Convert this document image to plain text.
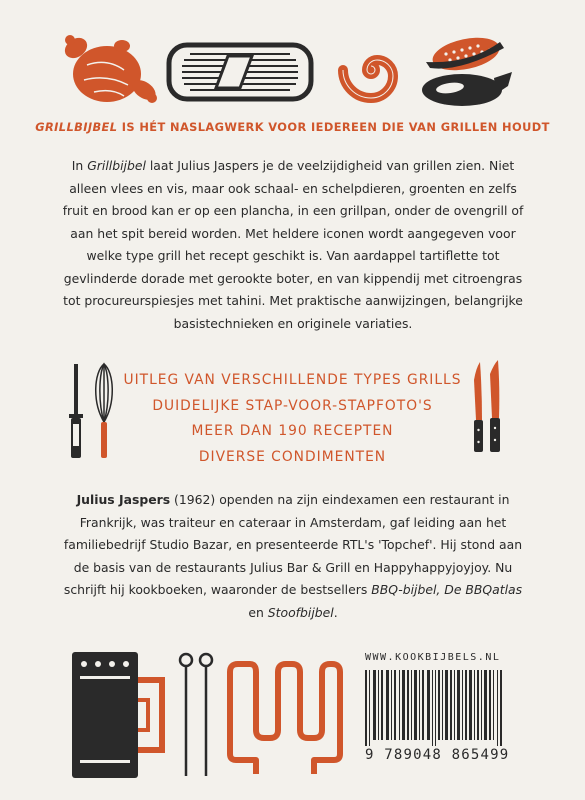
GRILLBIJBEL IS HÉT NASLAGWERK VOOR IEDEREEN DIE VAN GRILLEN HOUDT
In Grillbijbel laat Julius Jaspers je de veelzijdigheid van grillen zien. Niet alleen vlees en vis, maar ook schaal- en schelpdieren, groenten en zelfs fruit en brood kan er op een plancha, in een grillpan, onder de ovengrill of aan het spit bereid worden. Met heldere iconen wordt aangegeven voor welke type grill het recept geschikt is. Van aardappel tartiflette tot gevlinderde dorade met gerookte boter, en van kippendij met citroengras tot procureurspiesjes met tahini. Met praktische aanwijzingen, belangrijke basistechnieken en originele variaties.
UITLEG VAN VERSCHILLENDE TYPES GRILLS
DUIDELIJKE STAP-VOOR-STAPFOTO'S
MEER DAN 190 RECEPTEN
DIVERSE CONDIMENTEN
Julius Jaspers (1962) openden na zijn eindexamen een restaurant in Frankrijk, was traiteur en cateraar in Amsterdam, gaf leiding aan het familiebedrijf Studio Bazar, en presenteerde RTL's 'Topchef'. Hij stond aan de basis van de restaurants Julius Bar & Grill en Happyhappyjoyjoy. Nu schrijft hij kookboeken, waaronder de bestsellers BBQ-bijbel, De BBQatlas en Stoofbijbel.
WWW.KOOKBIJBELS.NL
9 789048 865499
